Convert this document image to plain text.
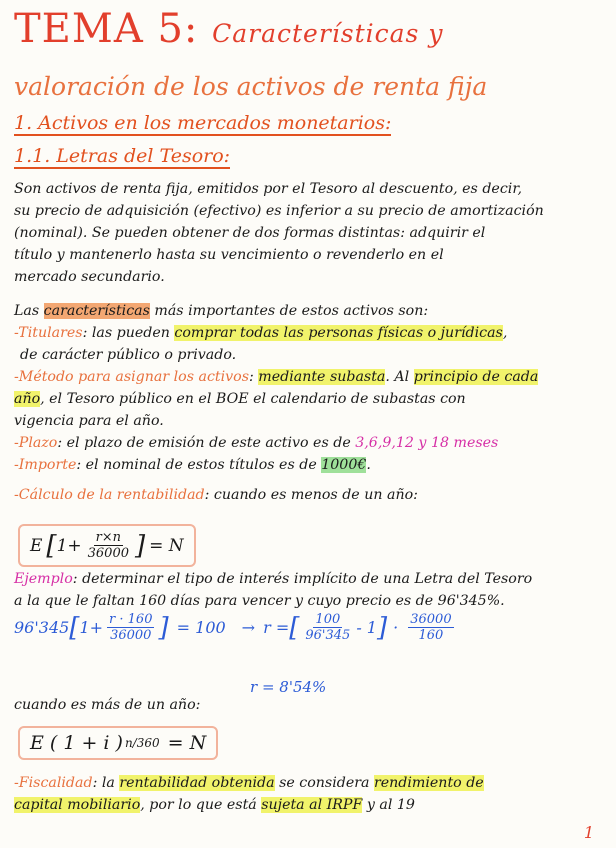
TEMA 5: Características y
valoración de los activos de renta fija
1. Activos en los mercados monetarios:
1.1. Letras del Tesoro:
Son activos de renta fija, emitidos por el Tesoro al descuento, es decir,
su precio de adquisición (efectivo) es inferior a su precio de amortización
(nominal). Se pueden obtener de dos formas distintas: adquirir el
título y mantenerlo hasta su vencimiento o revenderlo en el
mercado secundario.
Las características más importantes de estos activos son:
-Titulares: las pueden comprar todas las personas físicas o jurídicas,
de carácter público o privado.
-Método para asignar los activos: mediante subasta. Al principio de cada
año, el Tesoro público en el BOE el calendario de subastas con
vigencia para el año.
-Plazo: el plazo de emisión de este activo es de 3,6,9,12 y 18 meses
-Importe: el nominal de estos títulos es de 1000€.
-Cálculo de la rentabilidad: cuando es menos de un año:
E [ $1+ \frac{r\times n}{36000}$ ] = N
Ejemplo: determinar el tipo de interés implícito de una Letra del Tesoro
a la que le faltan 160 días para vencer y cuyo precio es de 96'345%.
96'345 [ $1+ \frac{r \cdot 160}{36000}$ ] = 100 → r = [ $\frac{100}{96'345} - 1$ ] · $\frac{36000}{160}$
r = 8'54%
cuando es más de un año:
E ( 1 + i ) n/360 = N
-Fiscalidad: la rentabilidad obtenida se considera rendimiento de
capital mobiliario, por lo que está sujeta al IRPF y al 19
1
